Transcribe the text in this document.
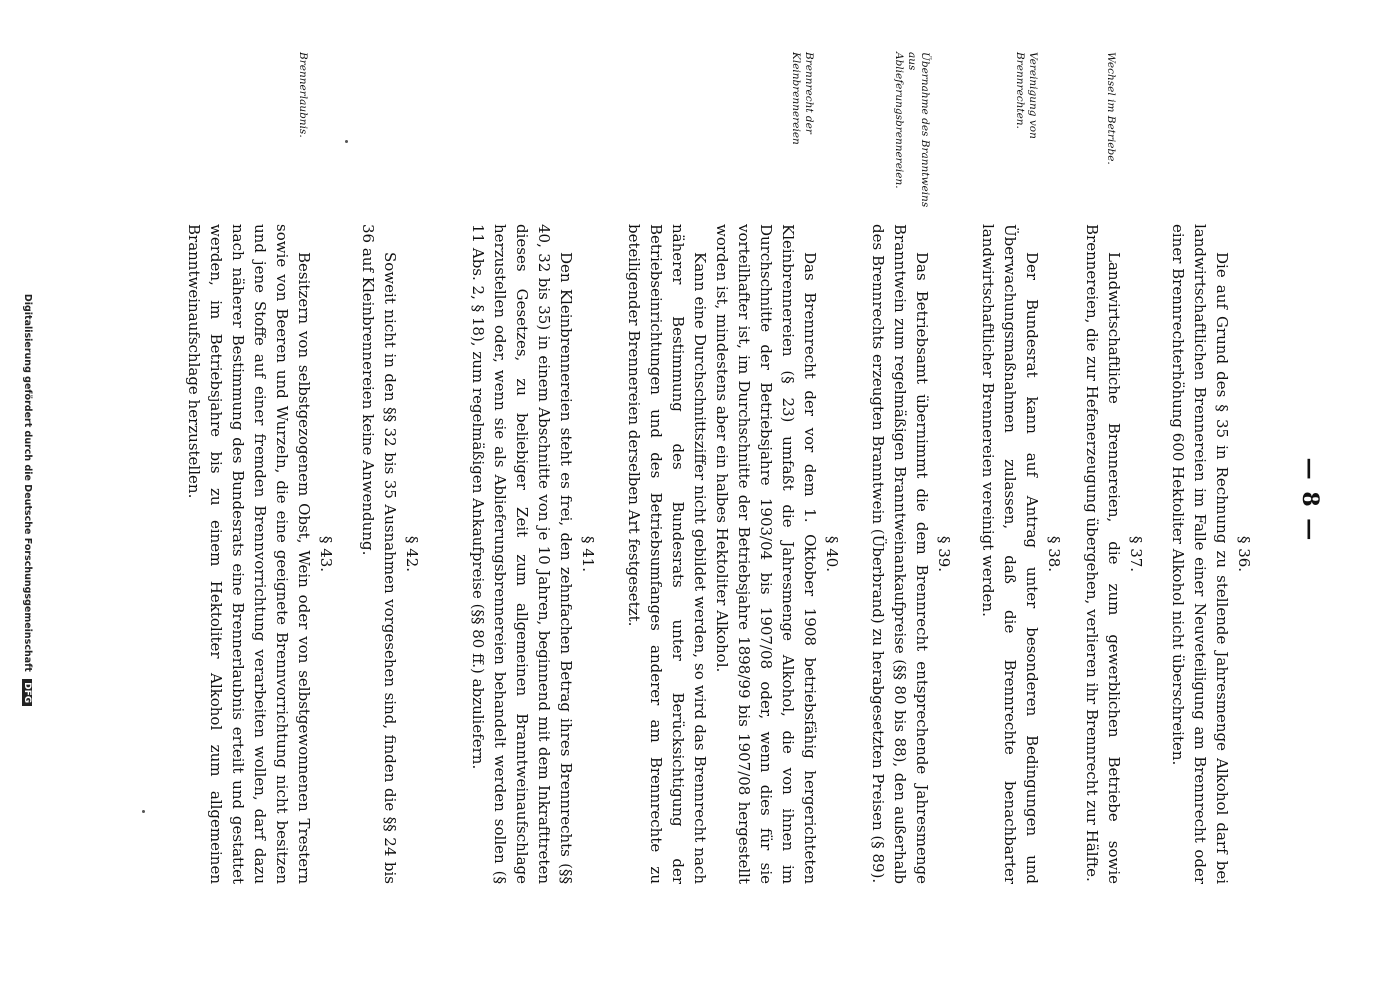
— 8 —
§ 36.

Die auf Grund des § 35 in Rechnung zu stellende Jahresmenge Alkohol darf bei landwirtschaftlichen Brennereien im Falle einer Neuveteiligung am Brennrecht oder einer Brennrechterhöhung 600 Hektoliter Alkohol nicht überschreiten.

Wechsel im Betriebe.
§ 37.

Landwirtschaftliche Brennereien, die zum gewerblichen Betriebe sowie Brennereien, die zur Hefenerzeugung übergehen, verlieren ihr Brennrecht zur Hälfte.

Vereinigung von Brennrechten.
§ 38.

Der Bundesrat kann auf Antrag unter besonderen Bedingungen und Überwachungsmaßnahmen zulassen, daß die Brennrechte benachbarter landwirtschaftlicher Brennereien vereinigt werden.

Übernahme des Branntweins aus Ablieferungsbrennereien.
§ 39.

Das Betriebsamt übernimmt die dem Brennrecht entsprechende Jahresmenge Branntwein zum regelmäßigen Branntweinankaufpreise (§§ 80 bis 88), den außerhalb des Brennrechts erzeugten Branntwein (Überbrand) zu herabgesetzten Preisen (§ 89).

Brennrecht der Kleinbrennereien
§ 40.

Das Brennrecht der vor dem 1. Oktober 1908 betriebsfähig hergerichteten Kleinbrennereien (§ 23) umfaßt die Jahresmenge Alkohol, die von ihnen im Durchschnitte der Betriebsjahre 1903/04 bis 1907/08 oder, wenn dies für sie vorteilhafter ist, im Durchschnitte der Betriebsjahre 1898/99 bis 1907/08 hergestellt worden ist, mindestens aber ein halbes Hektoliter Alkohol.

Kann eine Durchschnittsziffer nicht gebildet werden, so wird das Brennrecht nach näherer Bestimmung des Bundesrats unter Berücksichtigung der Betriebseinrichtungen und des Betriebsumfanges anderer am Brennrechte zu beteiligender Brennereien derselben Art festgesetzt.

§ 41.

Den Kleinbrennereien steht es frei, den zehnfachen Betrag ihres Brennrechts (§§ 40, 32 bis 35) in einem Abschnitte von je 10 Jahren, beginnend mit dem Inkrafttreten dieses Gesetzes, zu beliebiger Zeit zum allgemeinen Branntweinaufschlage herzustellen oder, wenn sie als Ablieferungsbrennereien behandelt werden sollen (§ 11 Abs. 2, § 18), zum regelmäßigen Ankaufpreise (§§ 80 ff.) abzuliefern.

§ 42.

Soweit nicht in den §§ 32 bis 35 Ausnahmen vorgesehen sind, finden die §§ 24 bis 36 auf Kleinbrennereien keine Anwendung.

Brennerlaubnis.
§ 43.

Besitzern von selbstgezogenem Obst, Wein oder von selbstgewonnenen Trestern sowie von Beeren und Wurzeln, die eine geeignete Brennvorrichtung nicht besitzen und jene Stoffe auf einer fremden Brennvorrichtung verarbeiten wollen, darf dazu nach näherer Bestimmung des Bundesrats eine Brennerlaubnis erteilt und gestattet werden, im Betriebsjahre bis zu einem Hektoliter Alkohol zum allgemeinen Branntweinaufschlage herzustellen.

Digitalisierung gefördert durch die Deutsche Forschungsgemeinschaft DFG
